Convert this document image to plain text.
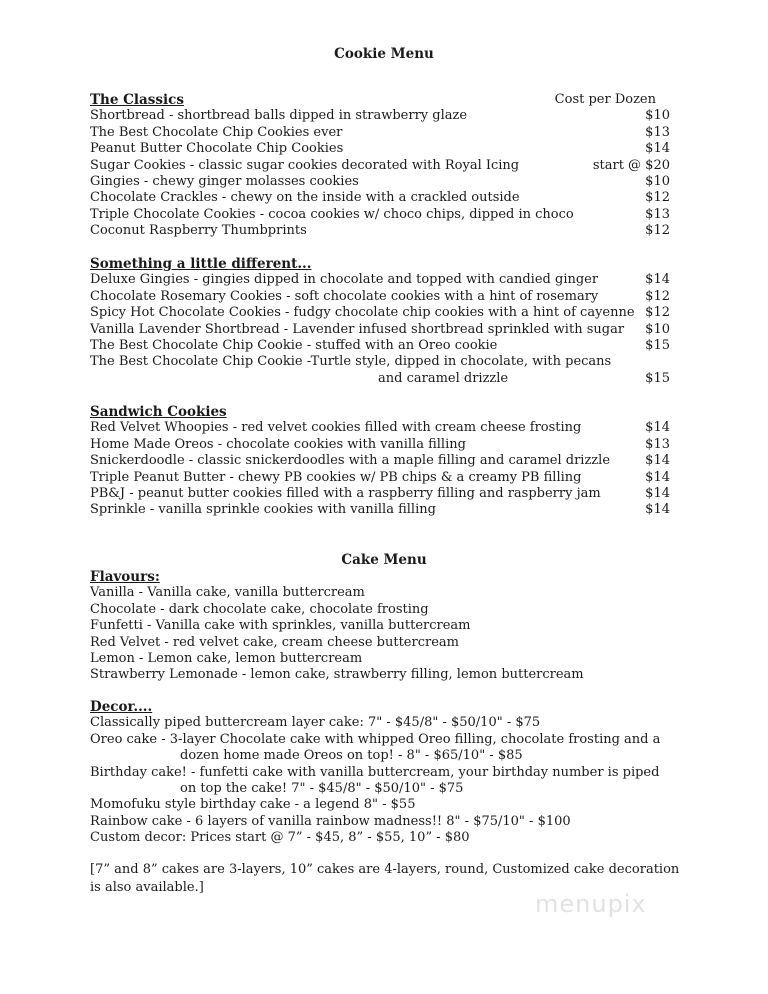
Cookie Menu
The Classics	Cost per Dozen
Shortbread - shortbread balls dipped in strawberry glaze	$10
The Best Chocolate Chip Cookies ever	$13
Peanut Butter Chocolate Chip Cookies	$14
Sugar Cookies - classic sugar cookies decorated with Royal Icing	start @ $20
Gingies - chewy ginger molasses cookies	$10
Chocolate Crackles - chewy on the inside with a crackled outside	$12
Triple Chocolate Cookies - cocoa cookies w/ choco chips, dipped in choco	$13
Coconut Raspberry Thumbprints	$12
Something a little different...
Deluxe Gingies - gingies dipped in chocolate and topped with candied ginger	$14
Chocolate Rosemary Cookies - soft chocolate cookies with a hint of rosemary	$12
Spicy Hot Chocolate Cookies - fudgy chocolate chip cookies with a hint of cayenne $12
Vanilla Lavender Shortbread - Lavender infused shortbread sprinkled with sugar $10
The Best Chocolate Chip Cookie - stuffed with an Oreo cookie	$15
The Best Chocolate Chip Cookie -Turtle style, dipped in chocolate, with pecans
and caramel drizzle	$15
Sandwich Cookies
Red Velvet Whoopies - red velvet cookies filled with cream cheese frosting	$14
Home Made Oreos - chocolate cookies with vanilla filling	$13
Snickerdoodle - classic snickerdoodles with a maple filling and caramel drizzle	$14
Triple Peanut Butter - chewy PB cookies w/ PB chips & a creamy PB filling	$14
PB&J - peanut butter cookies filled with a raspberry filling and raspberry jam	$14
Sprinkle - vanilla sprinkle cookies with vanilla filling	$14
Cake Menu
Flavours:
Vanilla - Vanilla cake, vanilla buttercream
Chocolate - dark chocolate cake, chocolate frosting
Funfetti - Vanilla cake with sprinkles, vanilla buttercream
Red Velvet - red velvet cake, cream cheese buttercream
Lemon - Lemon cake, lemon buttercream
Strawberry Lemonade - lemon cake, strawberry filling, lemon buttercream
Decor....
Classically piped buttercream layer cake: 7" - $45/8" - $50/10" - $75
Oreo cake - 3-layer Chocolate cake with whipped Oreo filling, chocolate frosting and a
dozen home made Oreos on top! - 8" - $65/10" - $85
Birthday cake! - funfetti cake with vanilla buttercream, your birthday number is piped
on top the cake! 7" - $45/8" - $50/10" - $75
Momofuku style birthday cake - a legend 8" - $55
Rainbow cake - 6 layers of vanilla rainbow madness!! 8" - $75/10" - $100
Custom decor: Prices start @ 7” - $45, 8” - $55, 10” - $80
[7” and 8” cakes are 3-layers, 10” cakes are 4-layers, round, Customized cake decoration is also available.]
menupix
